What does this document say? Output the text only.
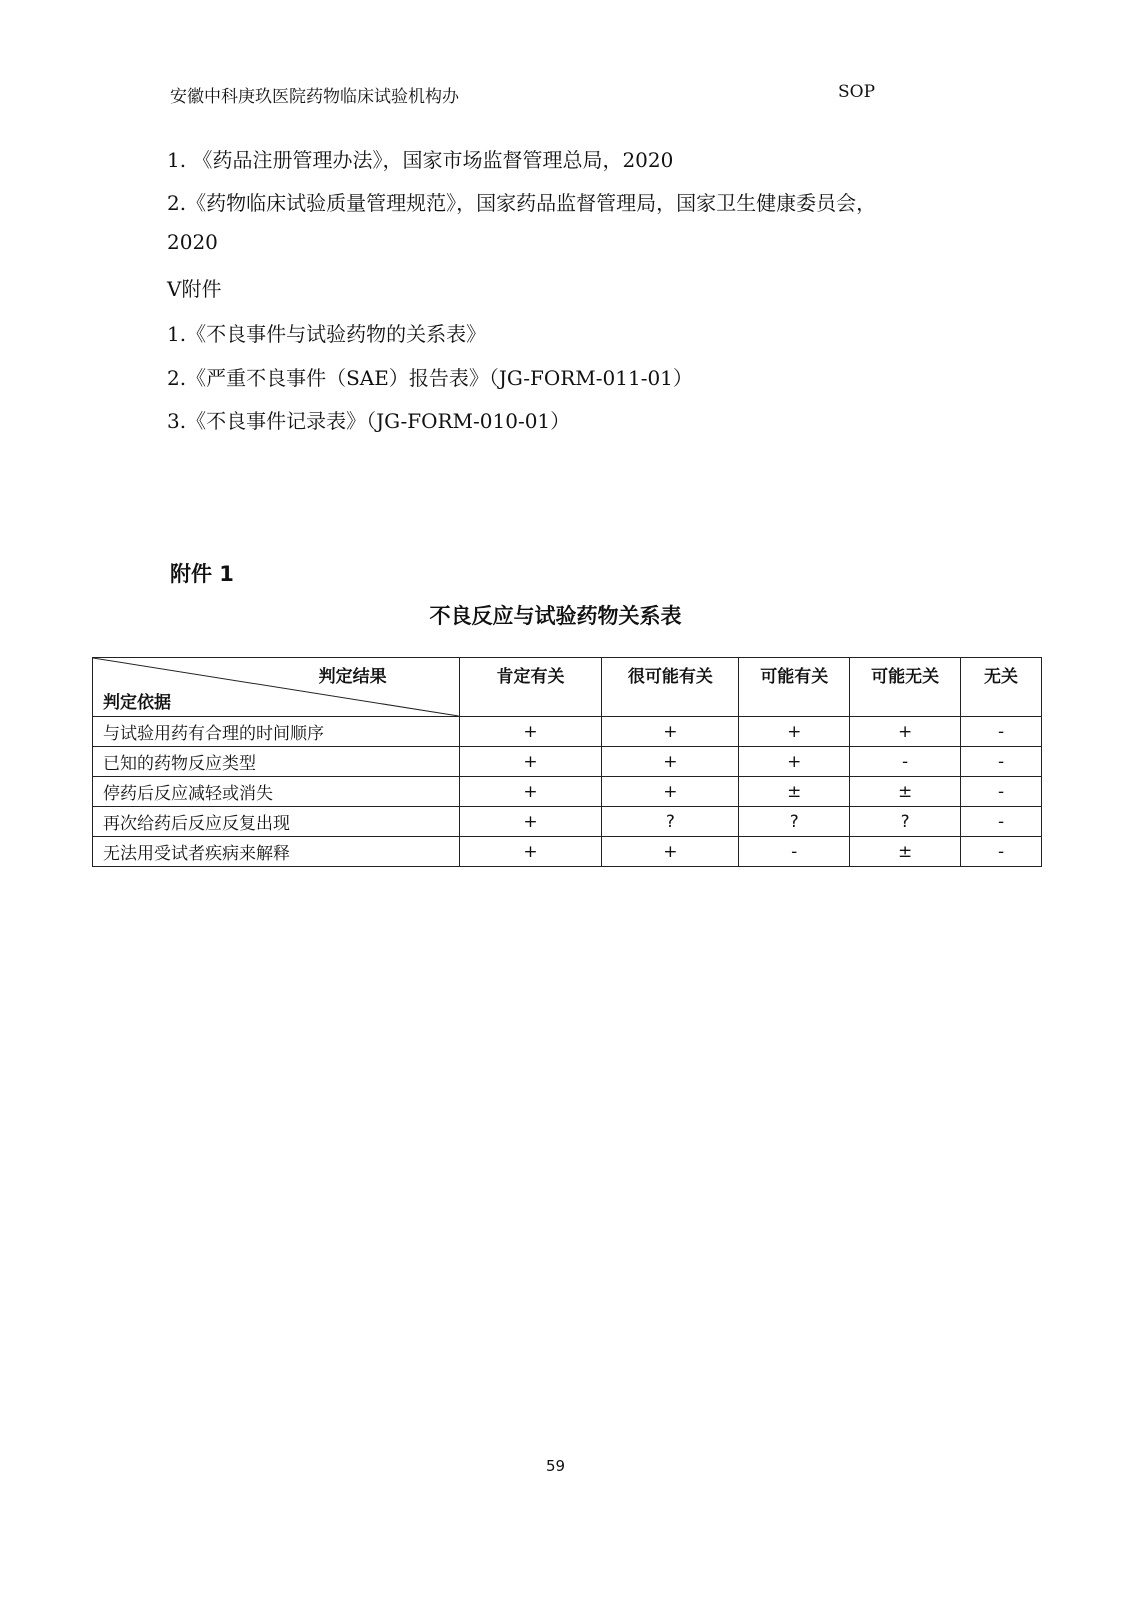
安徽中科庚玖医院药物临床试验机构办	SOP
1. 《药品注册管理办法》，国家市场监督管理总局，2020
2.《药物临床试验质量管理规范》，国家药品监督管理局，国家卫生健康委员会，
2020
Ⅴ附件
1.《不良事件与试验药物的关系表》
2.《严重不良事件（SAE）报告表》（JG-FORM-011-01）
3.《不良事件记录表》（JG-FORM-010-01）
附件 1
不良反应与试验药物关系表
判定结果
判定依据	肯定有关	很可能有关	可能有关	可能无关	无关
与试验用药有合理的时间顺序	+	+	+	+	-
已知的药物反应类型	+	+	+	-	-
停药后反应减轻或消失	+	+	±	±	-
再次给药后反应反复出现	+	?	?	?	-
无法用受试者疾病来解释	+	+	-	±	-
59
